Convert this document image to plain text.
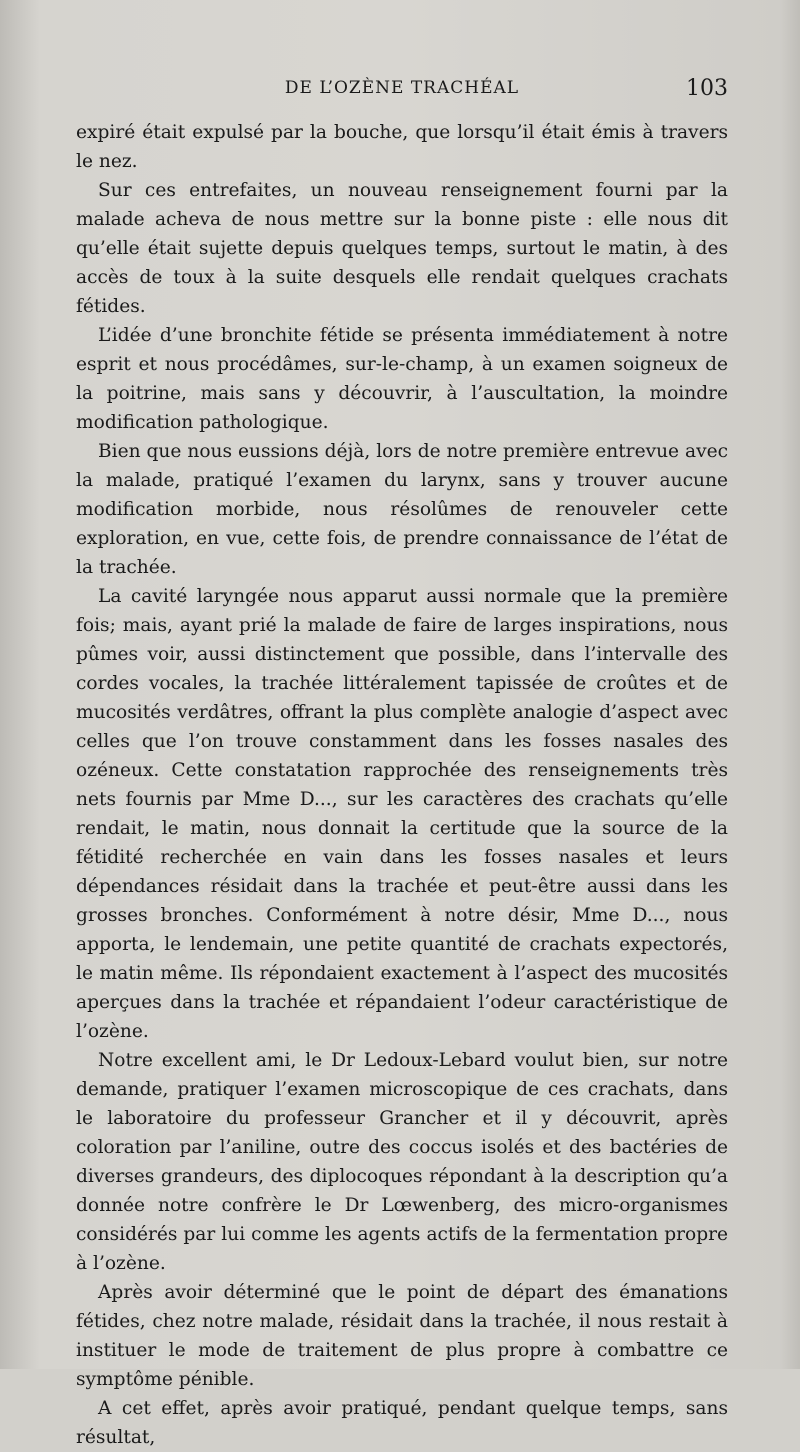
DE L’OZÈNE TRACHÉAL	103

expiré était expulsé par la bouche, que lorsqu’il était émis à travers le nez.

Sur ces entrefaites, un nouveau renseignement fourni par la malade acheva de nous mettre sur la bonne piste : elle nous dit qu’elle était sujette depuis quelques temps, surtout le matin, à des accès de toux à la suite desquels elle rendait quelques crachats fétides.

L’idée d’une bronchite fétide se présenta immédiatement à notre esprit et nous procédâmes, sur-le-champ, à un examen soigneux de la poitrine, mais sans y découvrir, à l’auscultation, la moindre modification pathologique.

Bien que nous eussions déjà, lors de notre première entrevue avec la malade, pratiqué l’examen du larynx, sans y trouver aucune modification morbide, nous résolûmes de renouveler cette exploration, en vue, cette fois, de prendre connaissance de l’état de la trachée.

La cavité laryngée nous apparut aussi normale que la première fois; mais, ayant prié la malade de faire de larges inspirations, nous pûmes voir, aussi distinctement que possible, dans l’intervalle des cordes vocales, la trachée littéralement tapissée de croûtes et de mucosités verdâtres, offrant la plus complète analogie d’aspect avec celles que l’on trouve constamment dans les fosses nasales des ozéneux. Cette constatation rapprochée des renseignements très nets fournis par Mme D..., sur les caractères des crachats qu’elle rendait, le matin, nous donnait la certitude que la source de la fétidité recherchée en vain dans les fosses nasales et leurs dépendances résidait dans la trachée et peut-être aussi dans les grosses bronches. Conformément à notre désir, Mme D..., nous apporta, le lendemain, une petite quantité de crachats expectorés, le matin même. Ils répondaient exactement à l’aspect des mucosités aperçues dans la trachée et répandaient l’odeur caractéristique de l’ozène.

Notre excellent ami, le Dr Ledoux-Lebard voulut bien, sur notre demande, pratiquer l’examen microscopique de ces crachats, dans le laboratoire du professeur Grancher et il y découvrit, après coloration par l’aniline, outre des coccus isolés et des bactéries de diverses grandeurs, des diplocoques répondant à la description qu’a donnée notre confrère le Dr Lœwenberg, des micro-organismes considérés par lui comme les agents actifs de la fermentation propre à l’ozène.

Après avoir déterminé que le point de départ des émanations fétides, chez notre malade, résidait dans la trachée, il nous restait à instituer le mode de traitement de plus propre à combattre ce symptôme pénible.

A cet effet, après avoir pratiqué, pendant quelque temps, sans résultat,
